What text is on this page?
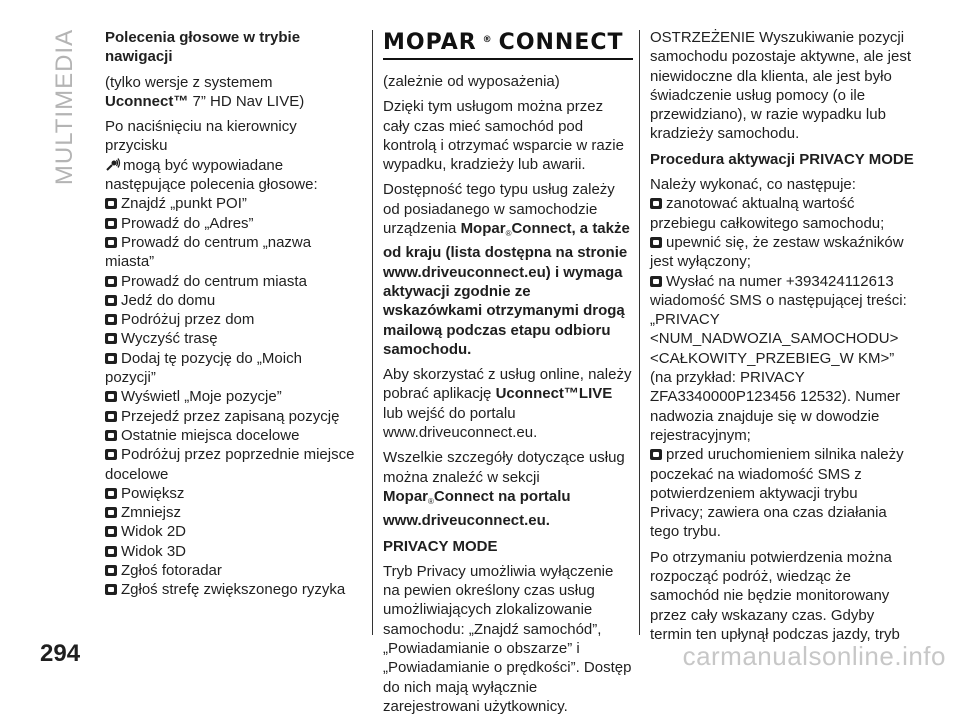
MULTIMEDIA Polecenia głosowe w trybie nawigacji

(tylko wersje z systemem Uconnect™ 7” HD Nav LIVE)

Po naciśnięciu na kierownicy przycisku
mogą być wypowiadane następujące polecenia głosowe:

Znajdź „punkt POI”
Prowadź do „Adres”
Prowadź do centrum „nazwa miasta”
Prowadź do centrum miasta
Jedź do domu
Podróżuj przez dom
Wyczyść trasę
Dodaj tę pozycję do „Moich pozycji”
Wyświetl „Moje pozycje”
Przejedź przez zapisaną pozycję
Ostatnie miejsca docelowe
Podróżuj przez poprzednie miejsce docelowe
Powiększ
Zmniejsz
Widok 2D
Widok 3D
Zgłoś fotoradar
Zgłoś strefę zwiększonego ryzyka
MOPAR ® CONNECT

(zależnie od wyposażenia)

Dzięki tym usługom można przez cały czas mieć samochód pod kontrolą i otrzymać wsparcie w razie wypadku, kradzieży lub awarii.

Dostępność tego typu usług zależy od posiadanego w samochodzie urządzenia Mopar$_®$Connect, a także od kraju (lista dostępna na stronie www.driveuconnect.eu) i wymaga aktywacji zgodnie ze wskazówkami otrzymanymi drogą mailową podczas etapu odbioru samochodu.

Aby skorzystać z usług online, należy pobrać aplikację Uconnect™LIVE lub wejść do portalu www.driveuconnect.eu.

Wszelkie szczegóły dotyczące usług można znaleźć w sekcji Mopar$_®$Connect na portalu www.driveuconnect.eu.

PRIVACY MODE

Tryb Privacy umożliwia wyłączenie na pewien określony czas usług umożliwiających zlokalizowanie samochodu: „Znajdź samochód”, „Powiadamianie o obszarze” i „Powiadamianie o prędkości”. Dostęp do nich mają wyłącznie zarejestrowani użytkownicy.

OSTRZEŻENIE Wyszukiwanie pozycji samochodu pozostaje aktywne, ale jest niewidoczne dla klienta, ale jest było świadczenie usług pomocy (o ile przewidziano), w razie wypadku lub kradzieży samochodu.

Procedura aktywacji PRIVACY MODE

Należy wykonać, co następuje:

zanotować aktualną wartość przebiegu całkowitego samochodu;
upewnić się, że zestaw wskaźników jest wyłączony;
Wysłać na numer +393424112613 wiadomość SMS o następującej treści: „PRIVACY <NUM_NADWOZIA_SAMOCHODU> <CAŁKOWITY_PRZEBIEG_W KM>” (na przykład: PRIVACY ZFA3340000P123456 12532). Numer nadwozia znajduje się w dowodzie rejestracyjnym;
przed uruchomieniem silnika należy poczekać na wiadomość SMS z potwierdzeniem aktywacji trybu Privacy; zawiera ona czas działania tego trybu.

Po otrzymaniu potwierdzenia można rozpocząć podróż, wiedząc że samochód nie będzie monitorowany przez cały wskazany czas. Gdyby termin ten upłynął podczas jazdy, tryb

294	carmanualsonline.info
